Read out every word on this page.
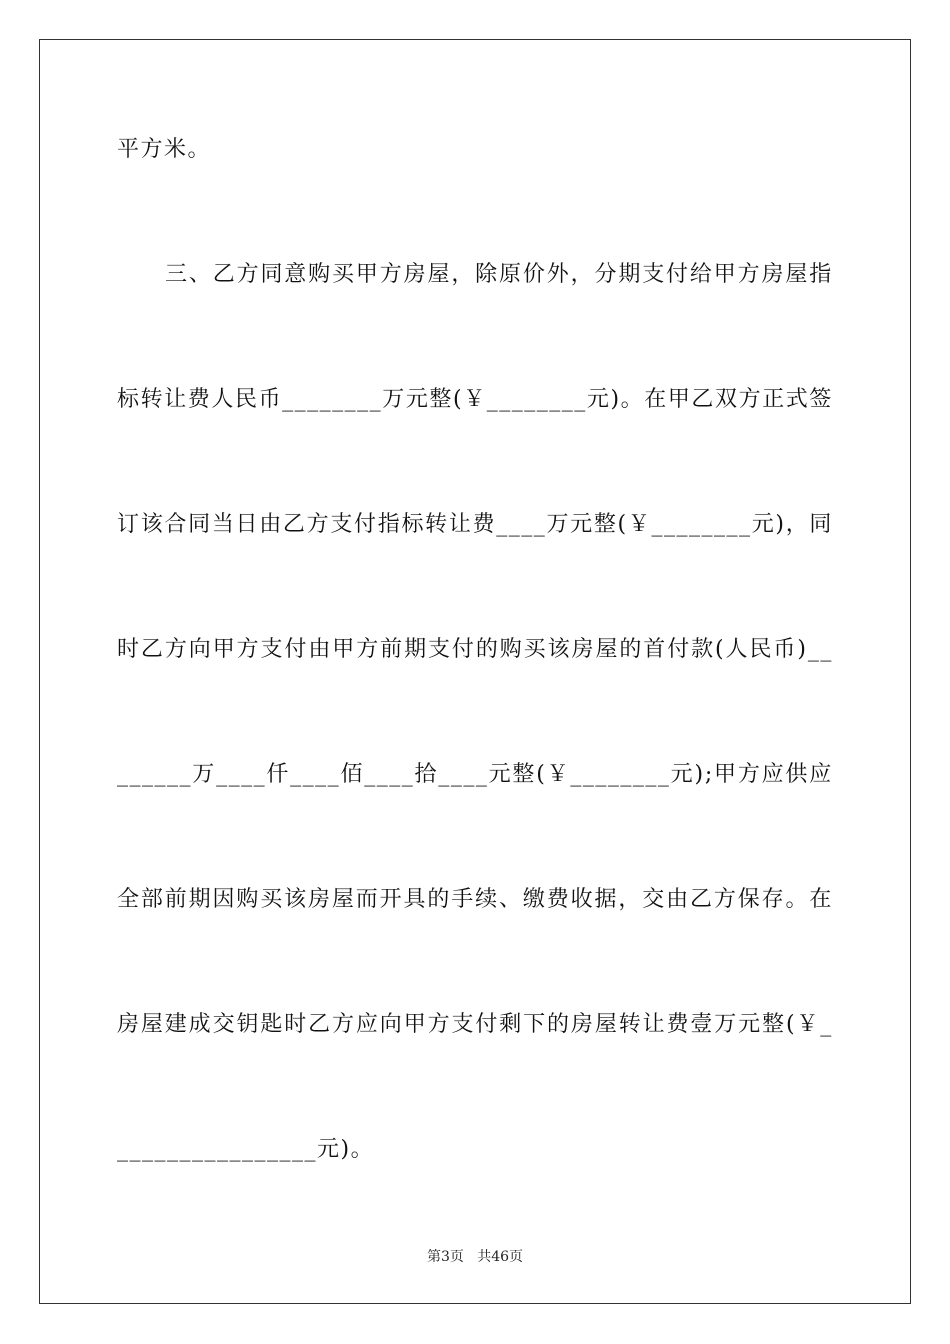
平方米。
三 、 乙 方 同 意 购 买 甲 方 房 屋 ， 除 原 价 外 ， 分 期 支 付 给 甲 方 房 屋 指
标 转 让 费 人 民 币 ________ 万 元 整 ( ￥ ________ 元 ) 。 在 甲 乙 双 方 正 式 签
订 该 合 同 当 日 由 乙 方 支 付 指 标 转 让 费 ____ 万 元 整 ( ￥ ________ 元 ) ， 同
时 乙 方 向 甲 方 支 付 由 甲 方 前 期 支 付 的 购 买 该 房 屋 的 首 付 款 ( 人 民 币 ) __
______ 万 ____ 仟 ____ 佰 ____ 拾 ____ 元 整 ( ￥ ________ 元 ) ; 甲 方 应 供 应
全 部 前 期 因 购 买 该 房 屋 而 开 具 的 手 续 、 缴 费 收 据 ， 交 由 乙 方 保 存 。 在
房 屋 建 成 交 钥 匙 时 乙 方 应 向 甲 方 支 付 剩 下 的 房 屋 转 让 费 壹 万 元 整 ( ￥ _
________________元)。
第3页   共46页
